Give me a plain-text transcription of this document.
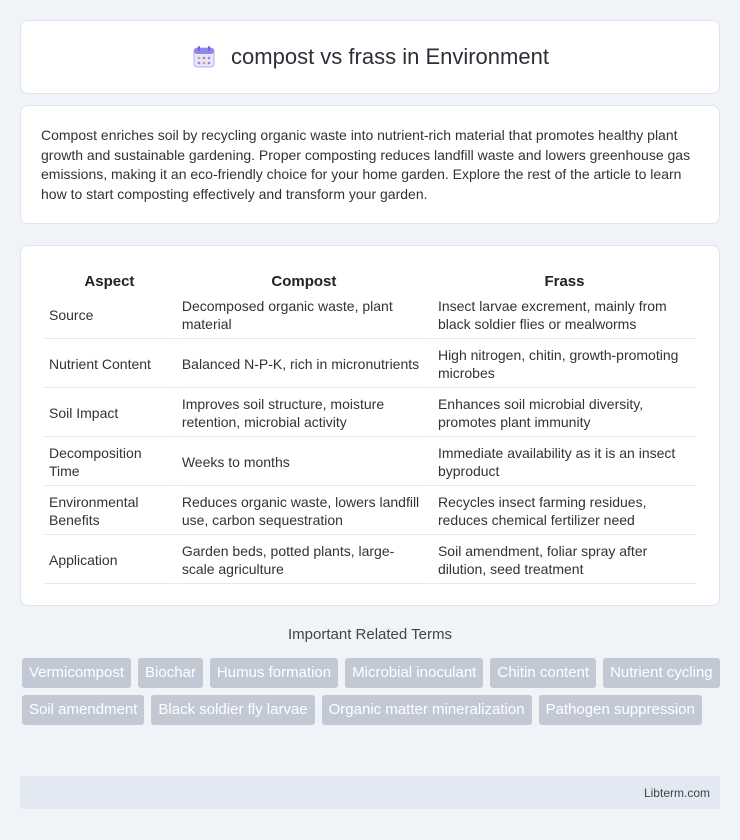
compost vs frass in Environment

Compost enriches soil by recycling organic waste into nutrient-rich material that promotes healthy plant growth and sustainable gardening. Proper composting reduces landfill waste and lowers greenhouse gas emissions, making it an eco-friendly choice for your home garden. Explore the rest of the article to learn how to start composting effectively and transform your garden.

Aspect	Compost	Frass
Source	Decomposed organic waste, plant material	Insect larvae excrement, mainly from black soldier flies or mealworms
Nutrient Content	Balanced N-P-K, rich in micronutrients	High nitrogen, chitin, growth-promoting microbes
Soil Impact	Improves soil structure, moisture retention, microbial activity	Enhances soil microbial diversity, promotes plant immunity
Decomposition Time	Weeks to months	Immediate availability as it is an insect byproduct
Environmental Benefits	Reduces organic waste, lowers landfill use, carbon sequestration	Recycles insect farming residues, reduces chemical fertilizer need
Application	Garden beds, potted plants, large-scale agriculture	Soil amendment, foliar spray after dilution, seed treatment
Important Related Terms
Vermicompost	Biochar	Humus formation	Microbial inoculant	Chitin content	Nutrient cycling
Soil amendment	Black soldier fly larvae	Organic matter mineralization	Pathogen suppression
Libterm.com
